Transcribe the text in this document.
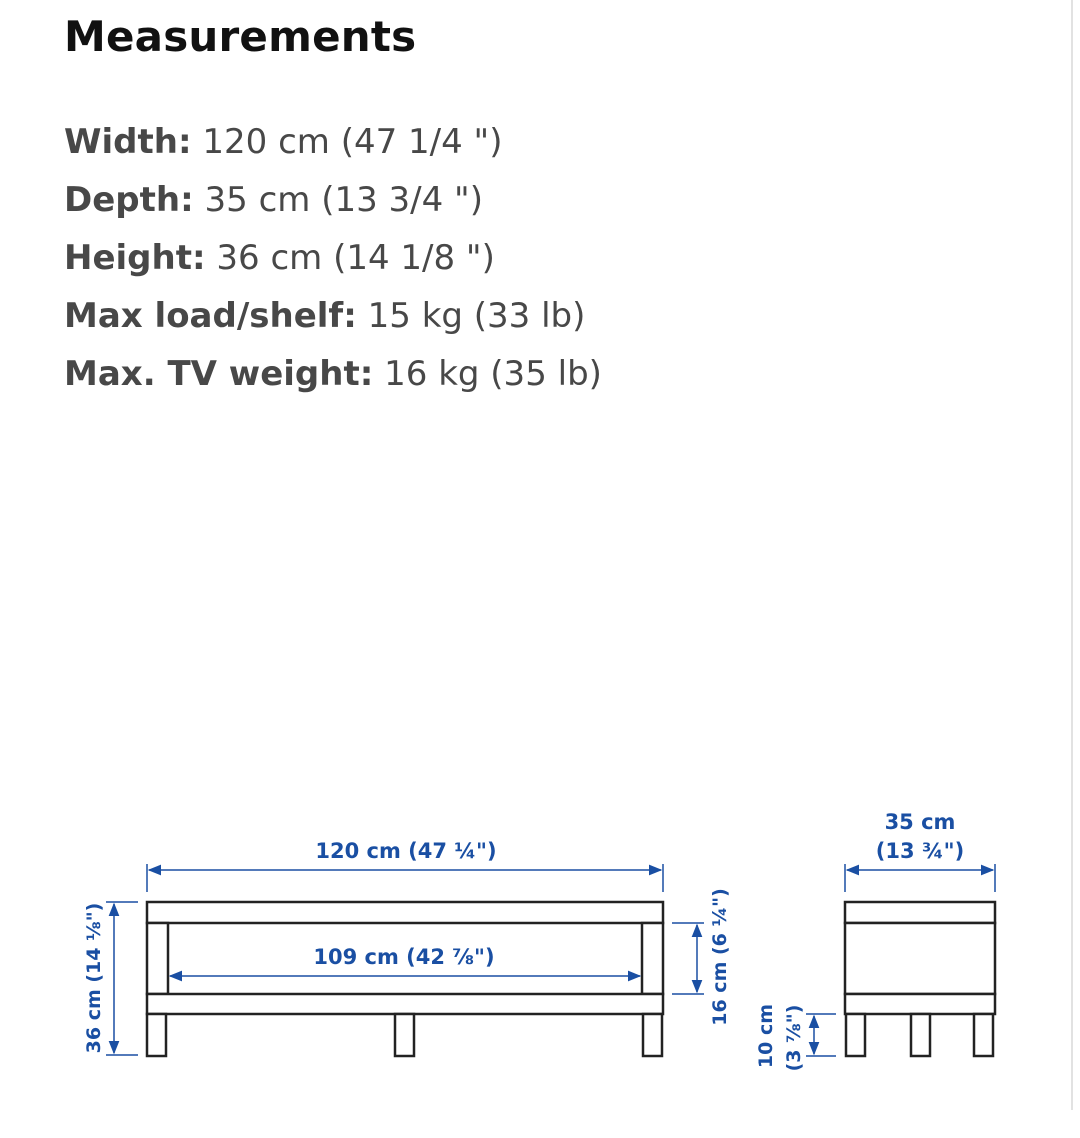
Measurements
Width: 120 cm (47 1/4 ")
Depth: 35 cm (13 3/4 ")
Height: 36 cm (14 1/8 ")
Max load/shelf: 15 kg (33 lb)
Max. TV weight: 16 kg (35 lb)
120 cm (47 ¼")
109 cm (42 ⅞")
36 cm (14 ⅛")	16 cm (6 ¼")
10 cm (3 ⅞")
35 cm
(13 ¾")
